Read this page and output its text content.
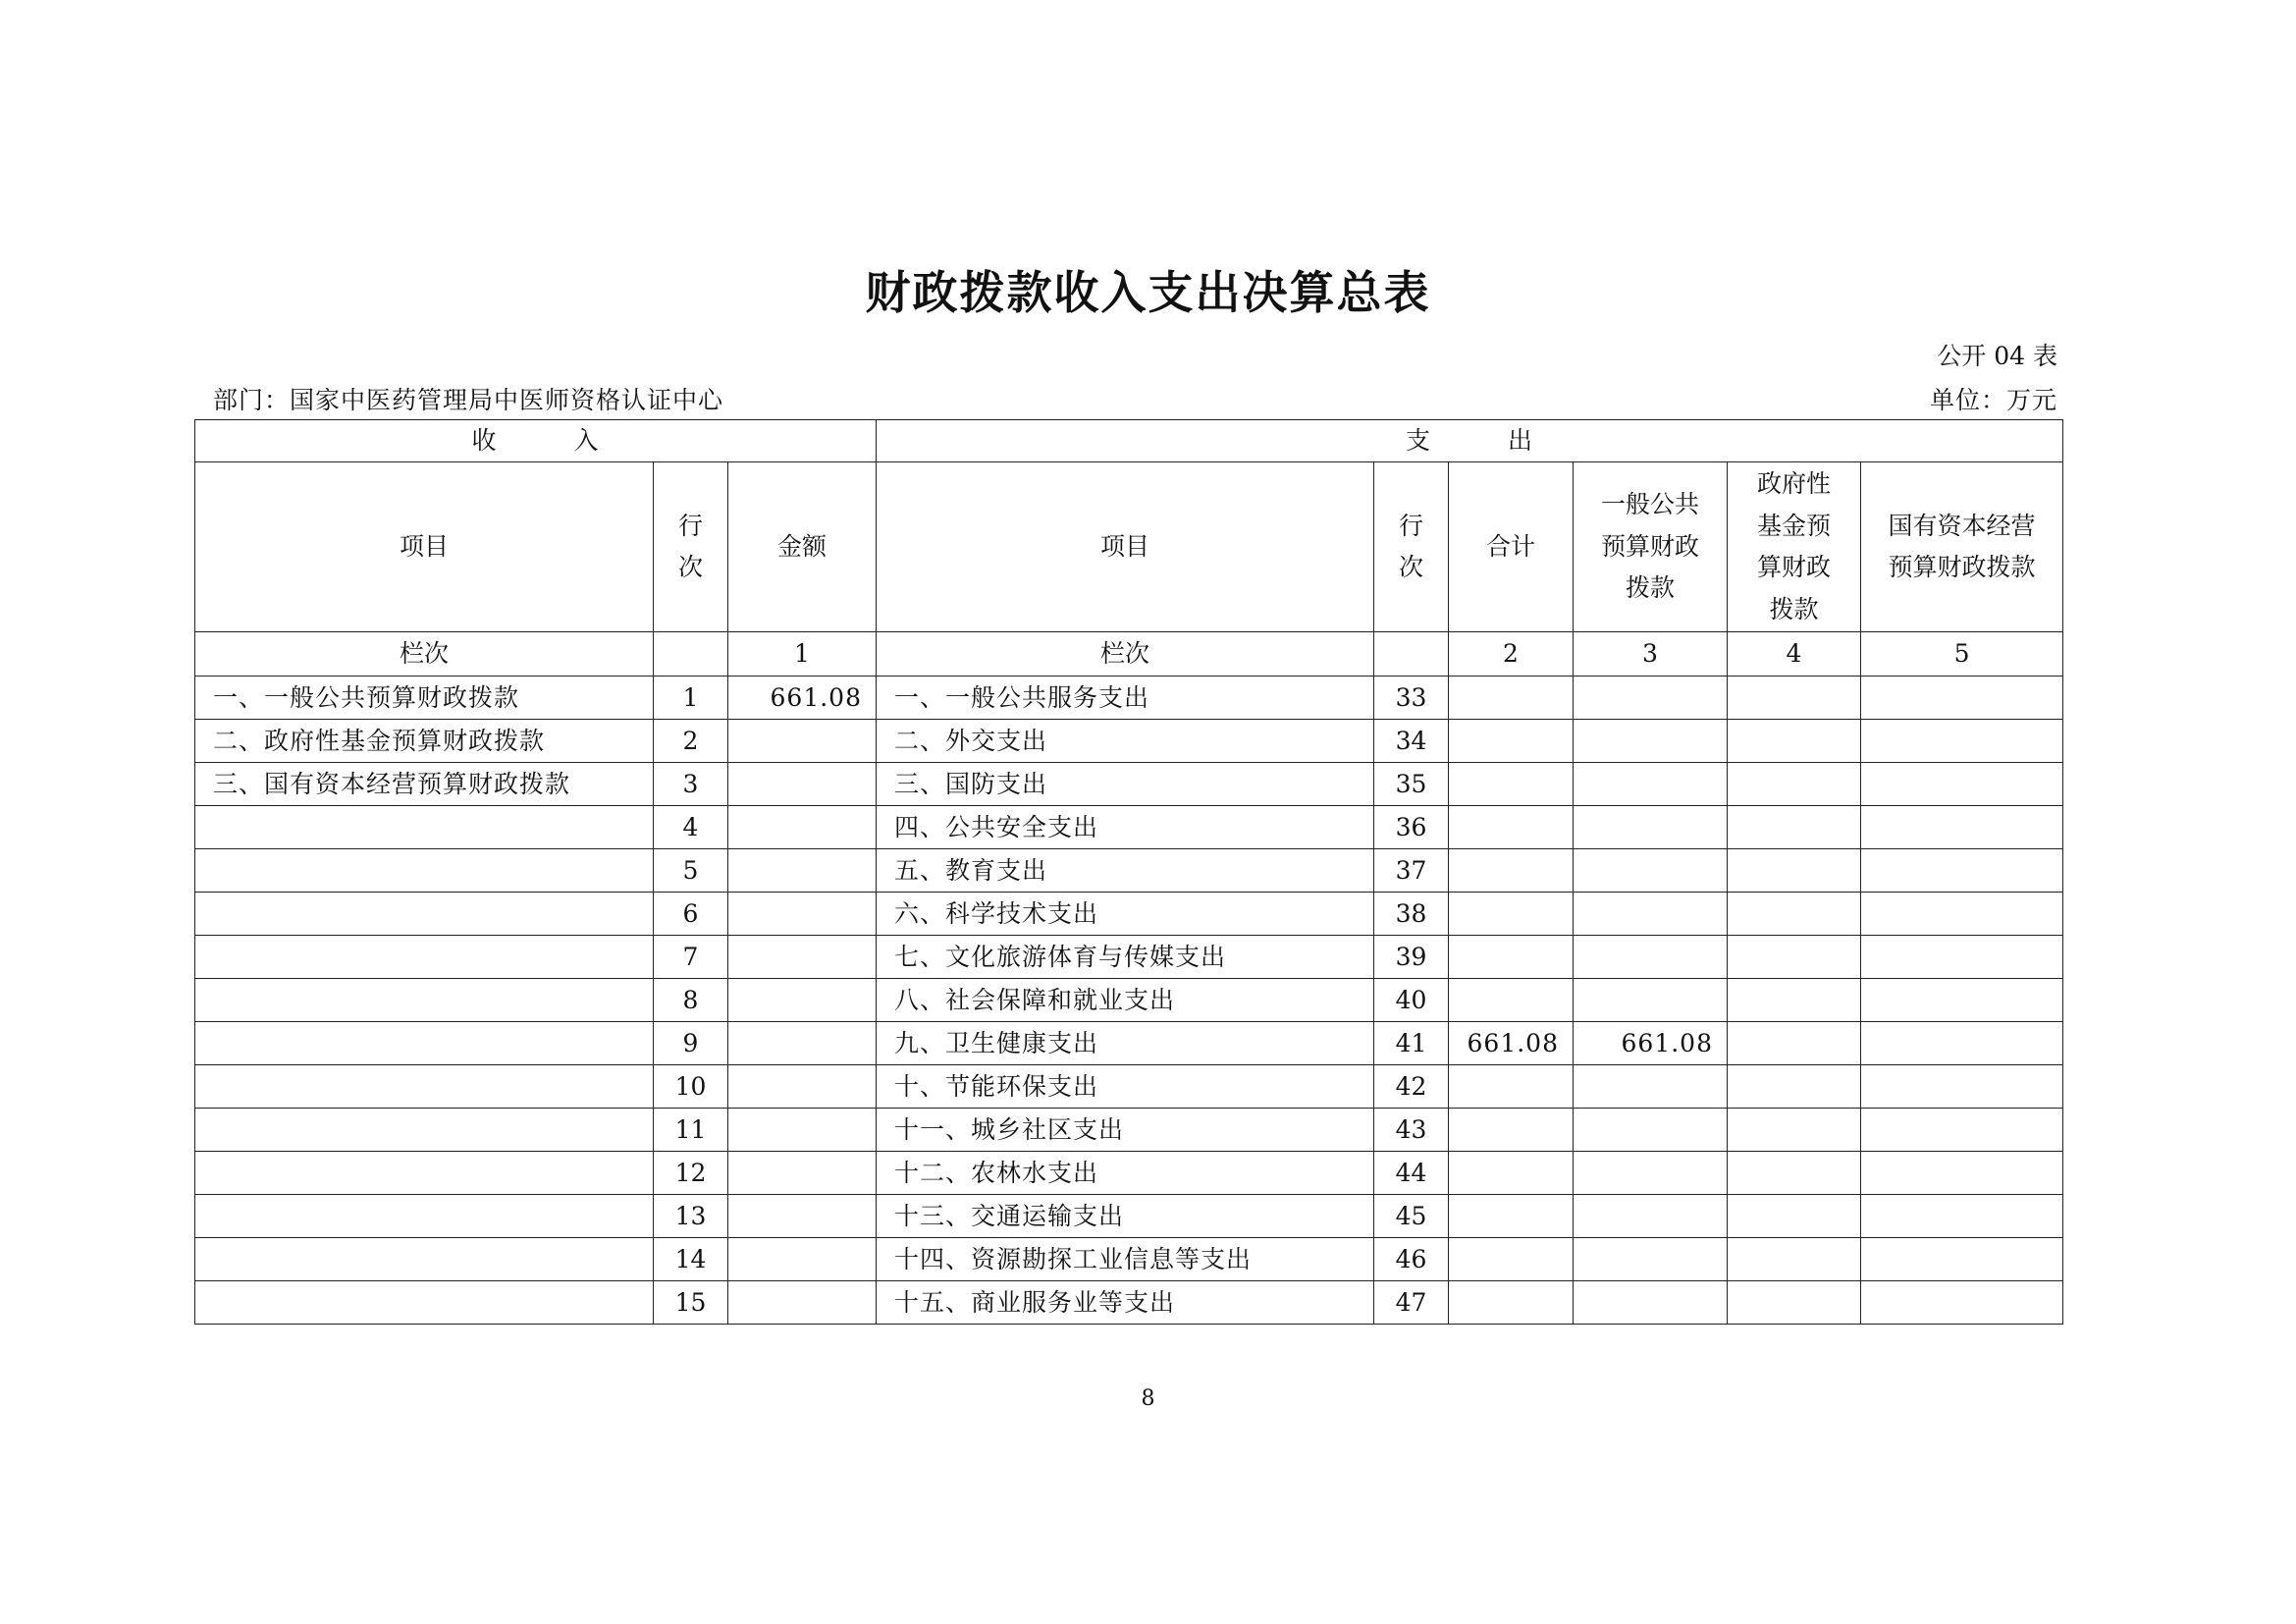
财政拨款收入支出决算总表
公开 04 表
部门：国家中医药管理局中医师资格认证中心	单位：万元
收　　　入			支　　　出					
项目	行次	金额	项目	行次	合计	一般公共预算财政拨款	政府性基金预算财政拨款	国有资本经营预算财政拨款
栏次		1	栏次		2	3	4	5
一、一般公共预算财政拨款	1	661.08	一、一般公共服务支出	33				
二、政府性基金预算财政拨款	2		二、外交支出	34				
三、国有资本经营预算财政拨款	3		三、国防支出	35				
	4		四、公共安全支出	36				
	5		五、教育支出	37				
	6		六、科学技术支出	38				
	7		七、文化旅游体育与传媒支出	39				
	8		八、社会保障和就业支出	40				
	9		九、卫生健康支出	41	661.08	661.08		
	10		十、节能环保支出	42				
	11		十一、城乡社区支出	43				
	12		十二、农林水支出	44				
	13		十三、交通运输支出	45				
	14		十四、资源勘探工业信息等支出	46				
	15		十五、商业服务业等支出	47				
8
